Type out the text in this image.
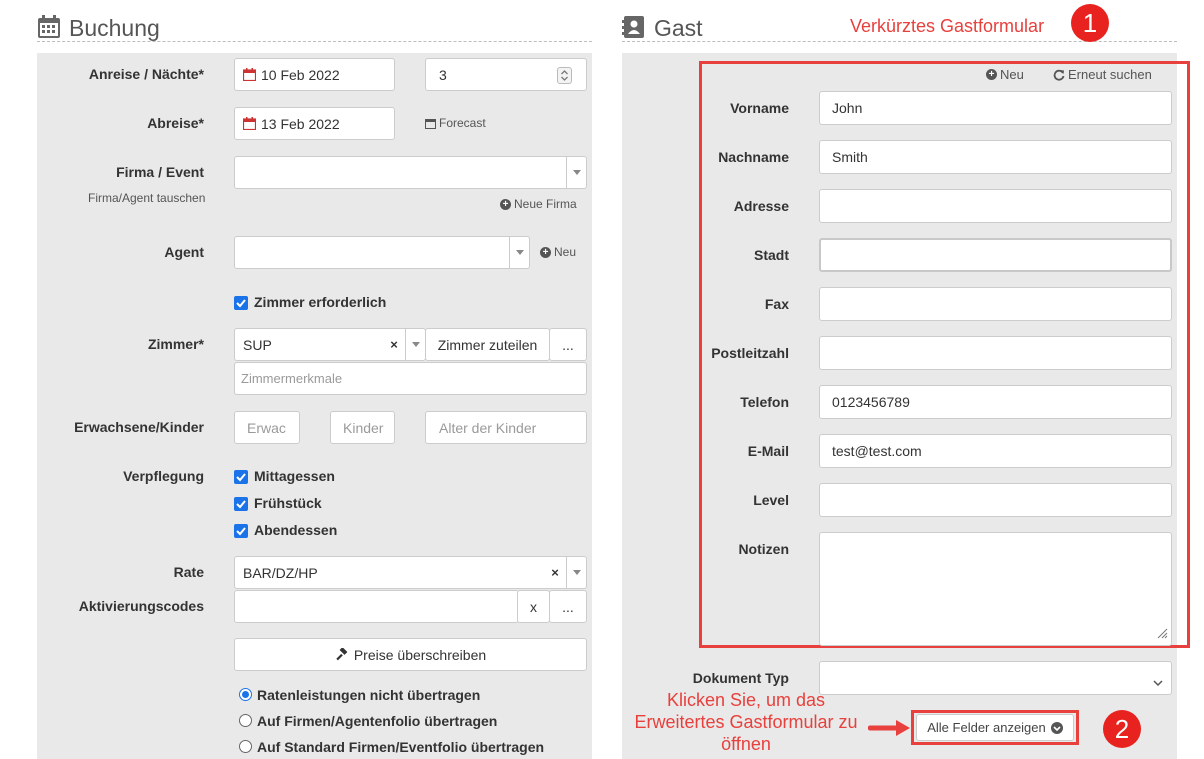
Buchung
Anreise / Nächte*	10 Feb 2022	3
Abreise*	13 Feb 2022	Forecast
Firma / Event
Firma/Agent tauschen	+ Neue Firma
Agent	+ Neu
Zimmer erforderlich
Zimmer*	SUP	×	Zimmer zuteilen	...
Zimmermerkmale
Erwachsene/Kinder	Erwac	Kinder	Alter der Kinder
Verpflegung	Mittagessen
Frühstück
Abendessen
Rate	BAR/DZ/HP	×
Aktivierungscodes	x	...
Preise überschreiben
Ratenleistungen nicht übertragen
Auf Firmen/Agentenfolio übertragen
Auf Standard Firmen/Eventfolio übertragen
Gast	Verkürztes Gastformular	1
+ Neu	Erneut suchen
Vorname	John
Nachname	Smith
Adresse
Stadt
Fax
Postleitzahl
Telefon	0123456789
E-Mail	test@test.com
Level
Notizen
Dokument Typ
Klicken Sie, um das
Erweitertes Gastformular zu
öffnen
Alle Felder anzeigen	2
